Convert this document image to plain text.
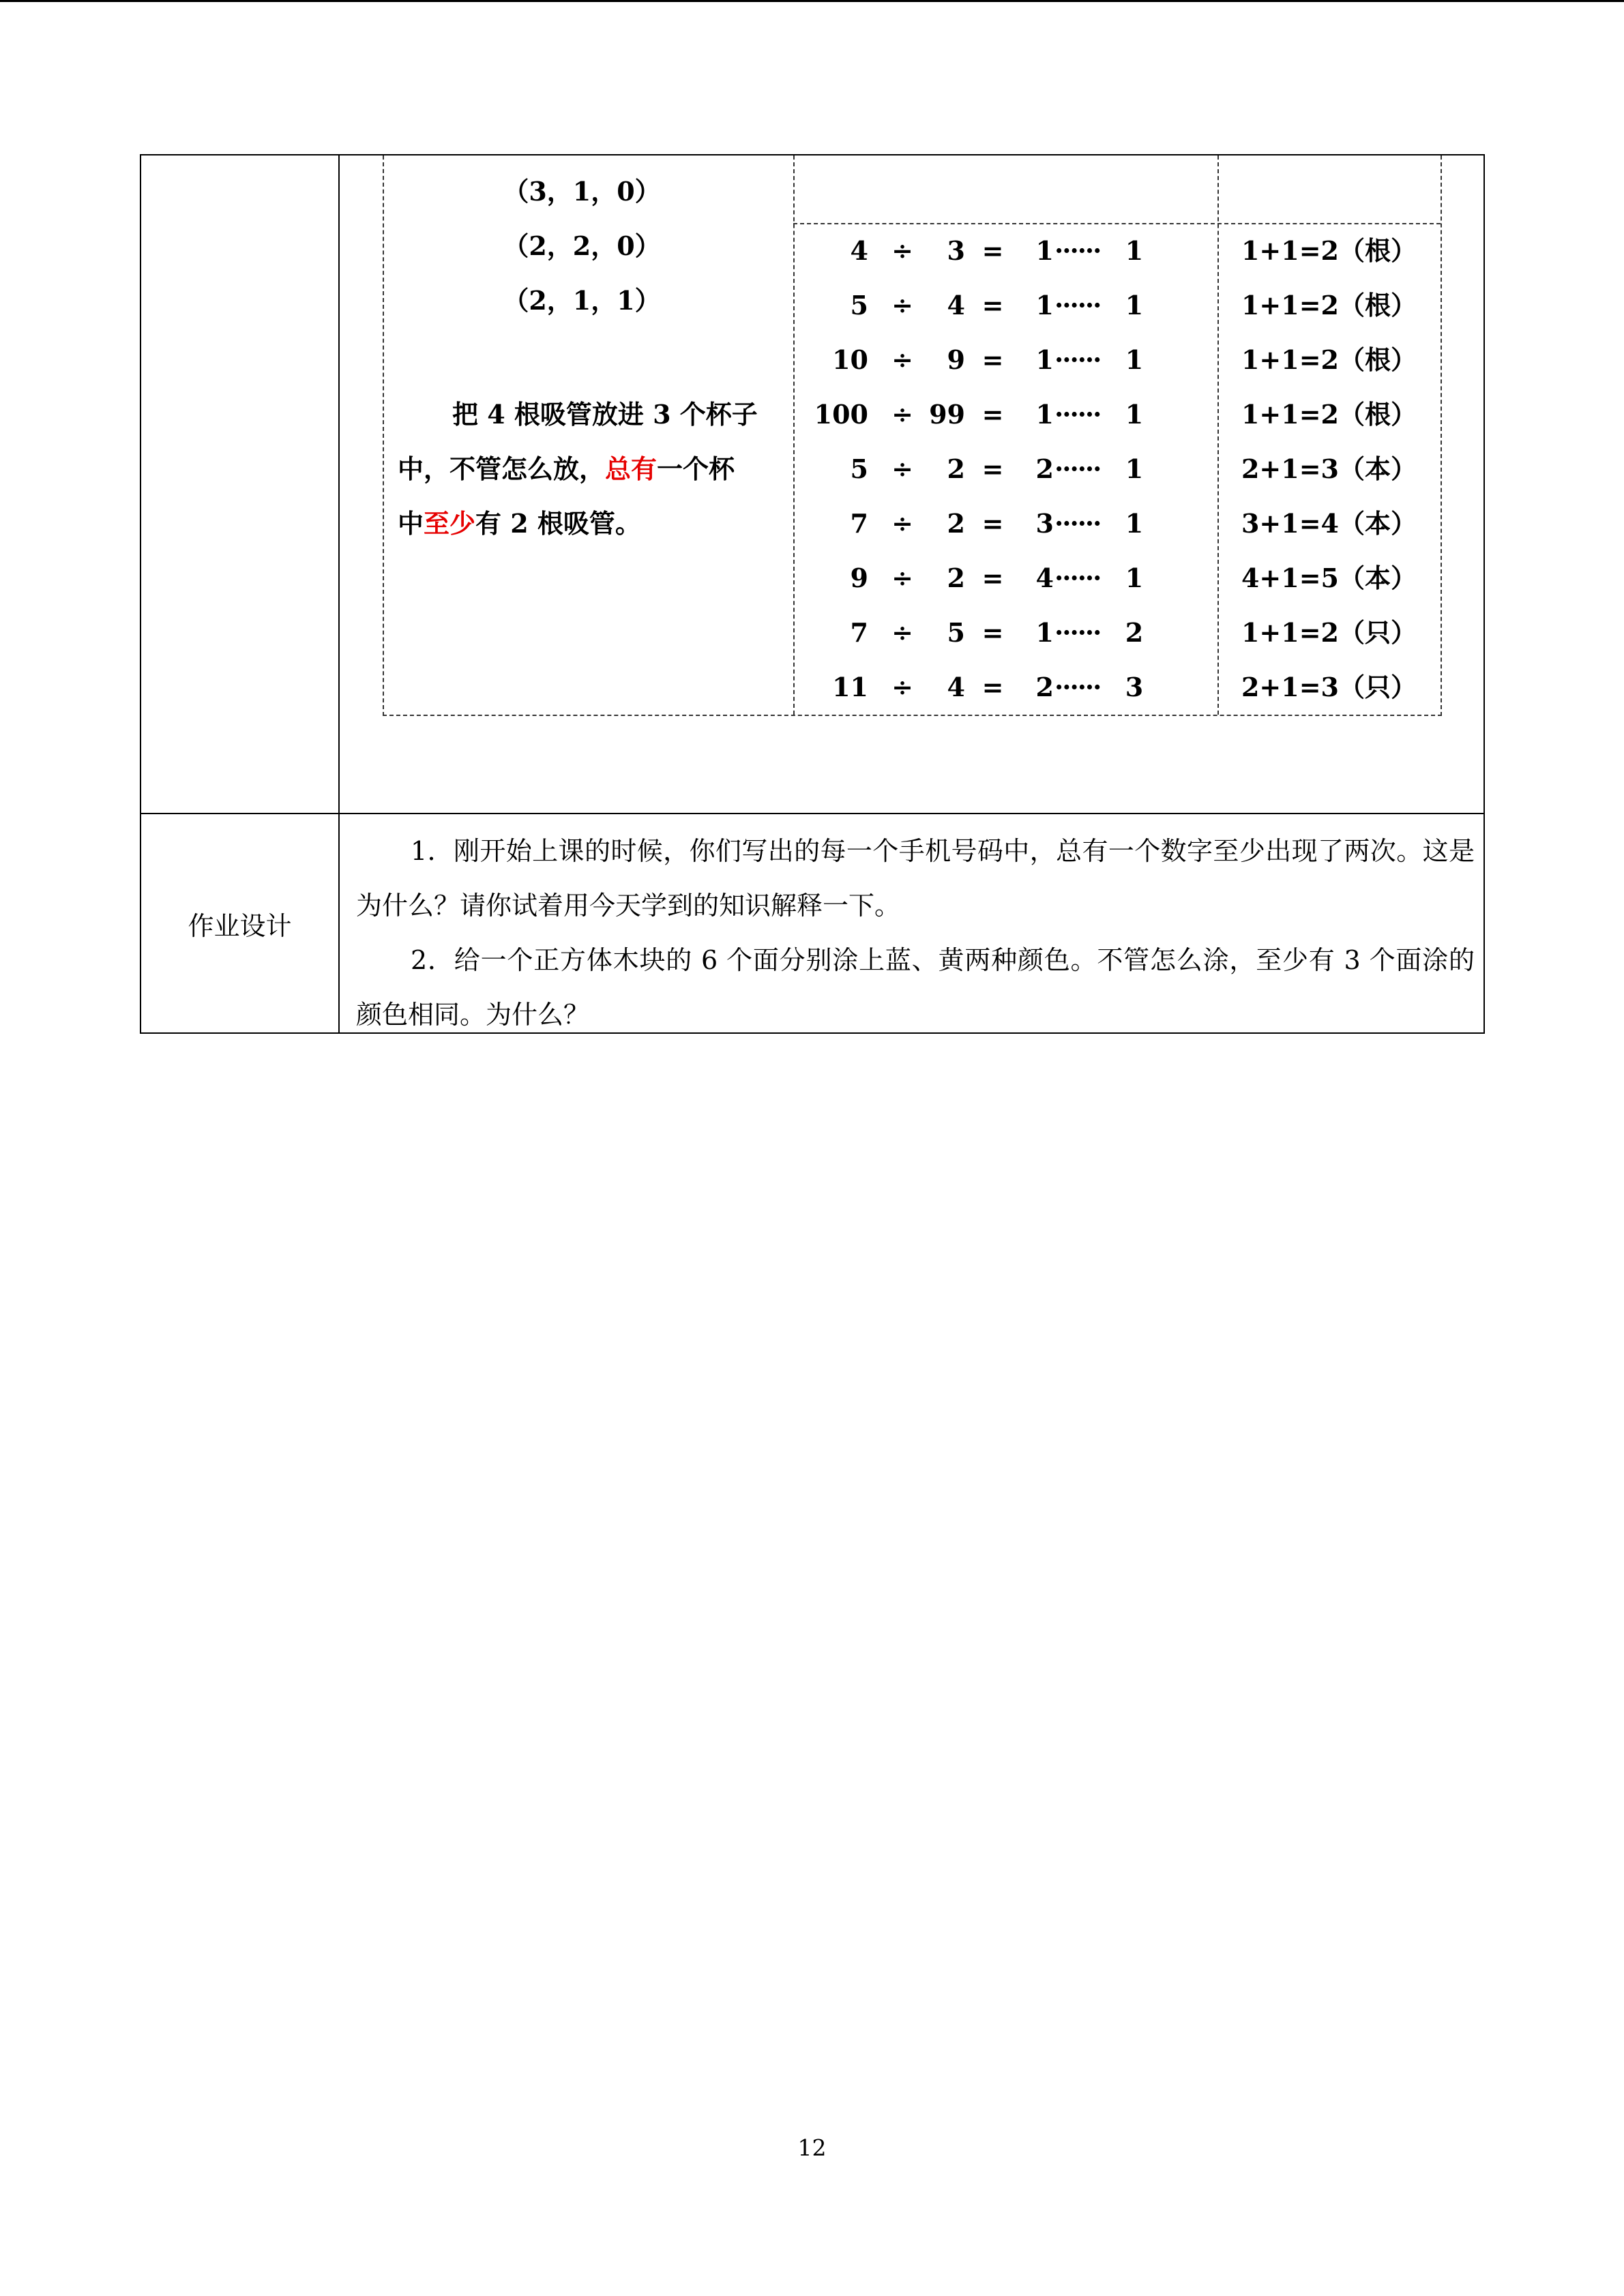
（3，1，0）
（2，2，0）
（2，1，1）
把 4 根吸管放进 3 个杯子
中，不管怎么放，总有一个杯
中至少有 2 根吸管。
4 ÷	3 =	1 ······ 1	1+1=2（根）
5 ÷	4 =	1 ······ 1	1+1=2（根）
10 ÷	9 =	1 ······ 1	1+1=2（根）
100 ÷ 99 =	1 ······ 1	1+1=2（根）
5 ÷	2 =	2 ······ 1	2+1=3（本）
7 ÷	2 =	3 ······ 1	3+1=4（本）
9 ÷	2 =	4 ······ 1	4+1=5（本）
7 ÷	5 =	1 ······ 2	1+1=2（只）
11 ÷	4 =	2 ······ 3	2+1=3（只）
作业设计

1．刚开始上课的时候，你们写出的每一个手机号码中，总有一个数字至少出现了两次。这是为什么？请你试着用今天学到的知识解释一下。

2．给一个正方体木块的 6 个面分别涂上蓝、黄两种颜色。不管怎么涂，至少有 3 个面涂的颜色相同。为什么？

12
